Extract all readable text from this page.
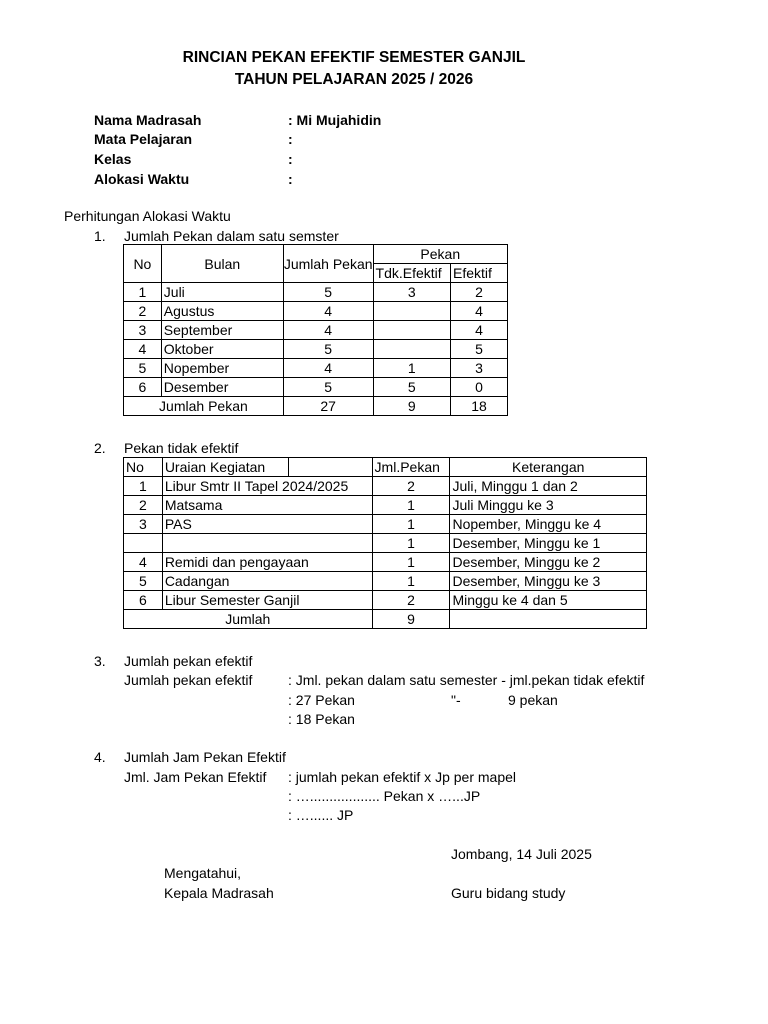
RINCIAN PEKAN EFEKTIF SEMESTER GANJIL
TAHUN PELAJARAN 2025 / 2026
Nama Madrasah	: Mi Mujahidin
Mata Pelajaran	:
Kelas	:
Alokasi Waktu	:
Perhitungan Alokasi Waktu
1. Jumlah Pekan dalam satu semster
No	Bulan	Jumlah Pekan	Pekan	
			Tdk.Efektif	Efektif
1	Juli	5	3	2
2	Agustus	4		4
3	September	4		4
4	Oktober	5		5
5	Nopember	4	1	3
6	Desember	5	5	0
Jumlah Pekan		27	9	18
2. Pekan tidak efektif
No	Uraian Kegiatan		Jml.Pekan	Keterangan
1	Libur Smtr II Tapel 2024/2025		2	Juli, Minggu 1 dan 2
2	Matsama		1	Juli Minggu ke 3
3	PAS		1	Nopember, Minggu ke 4
			1	Desember, Minggu ke 1
4	Remidi dan pengayaan		1	Desember, Minggu ke 2
5	Cadangan		1	Desember, Minggu ke 3
6	Libur Semester Ganjil		2	Minggu ke 4 dan 5
Jumlah			9	
3. Jumlah pekan efektif
Jumlah pekan efektif	: Jml. pekan dalam satu semester - jml.pekan tidak efektif
: 27 Pekan	"-	9 pekan
: 18 Pekan
4. Jumlah Jam Pekan Efektif
Jml. Jam Pekan Efektif : jumlah pekan efektif x Jp per mapel
: ….................. Pekan x …...JP
: …...... JP
Jombang, 14 Juli 2025
Mengatahui,
Kepala Madrasah	Guru bidang study
